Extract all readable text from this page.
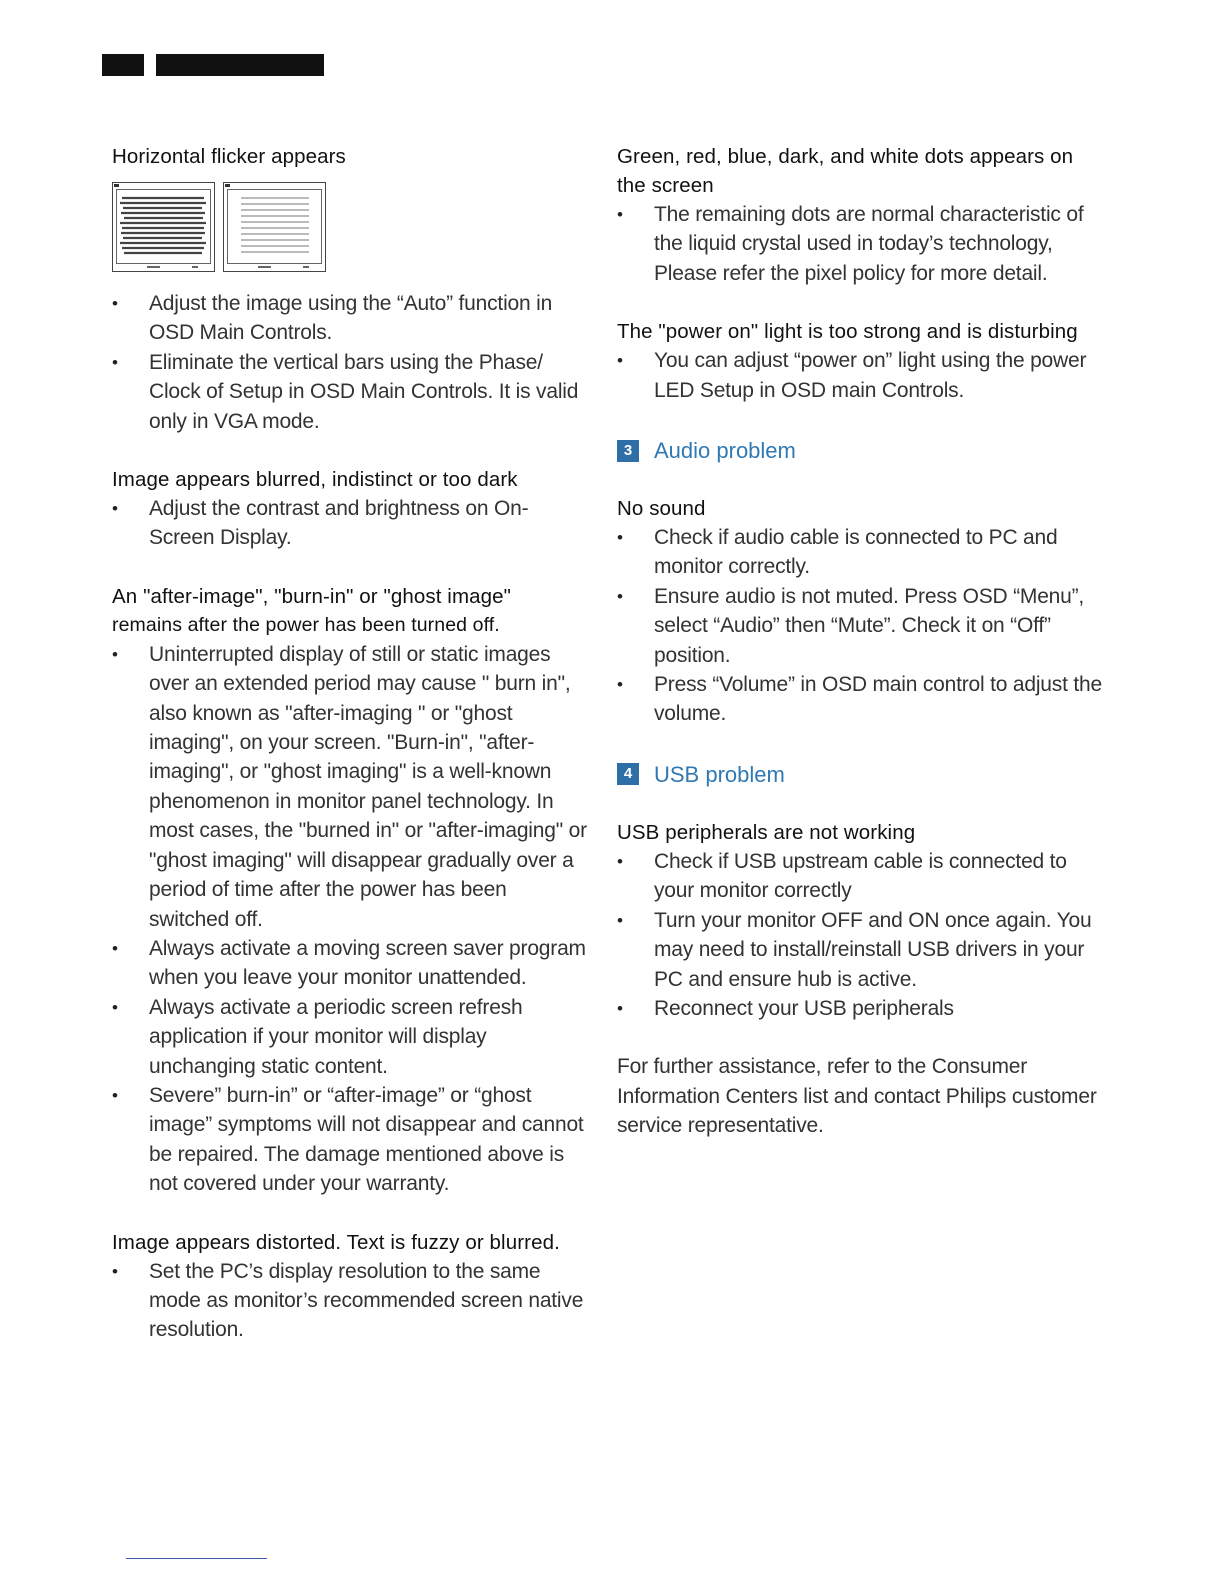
Horizontal flicker appears
• Adjust the image using the “Auto” function in OSD Main Controls.
• Eliminate the vertical bars using the Phase/ Clock of Setup in OSD Main Controls. It is valid only in VGA mode.
Image appears blurred, indistinct or too dark
• Adjust the contrast and brightness on On-Screen Display.
An "after-image", "burn-in" or "ghost image"
remains after the power has been turned off.
• Uninterrupted display of still or static images over an extended period may cause " burn in", also known as "after-imaging " or "ghost imaging", on your screen. "Burn-in", "after-imaging", or "ghost imaging" is a well-known phenomenon in monitor panel technology. In most cases, the "burned in" or "after-imaging" or "ghost imaging" will disappear gradually over a period of time after the power has been switched off.
• Always activate a moving screen saver program when you leave your monitor unattended.
• Always activate a periodic screen refresh application if your monitor will display unchanging static content.
• Severe” burn-in” or “after-image” or “ghost image” symptoms will not disappear and cannot be repaired. The damage mentioned above is not covered under your warranty.
Image appears distorted. Text is fuzzy or blurred.
• Set the PC’s display resolution to the same mode as monitor’s recommended screen native resolution.
Green, red, blue, dark, and white dots appears on the screen
• The remaining dots are normal characteristic of the liquid crystal used in today’s technology, Please refer the pixel policy for more detail.
The "power on" light is too strong and is disturbing
• You can adjust “power on” light using the power LED Setup in OSD main Controls.
3 Audio problem
No sound
• Check if audio cable is connected to PC and monitor correctly.
• Ensure audio is not muted. Press OSD “Menu”, select “Audio” then “Mute”. Check it on “Off” position.
• Press “Volume” in OSD main control to adjust the volume.
4 USB problem
USB peripherals are not working
• Check if USB upstream cable is connected to your monitor correctly
• Turn your monitor OFF and ON once again. You may need to install/reinstall USB drivers in your PC and ensure hub is active.
• Reconnect your USB peripherals
For further assistance, refer to the Consumer Information Centers list and contact Philips customer service representative.
